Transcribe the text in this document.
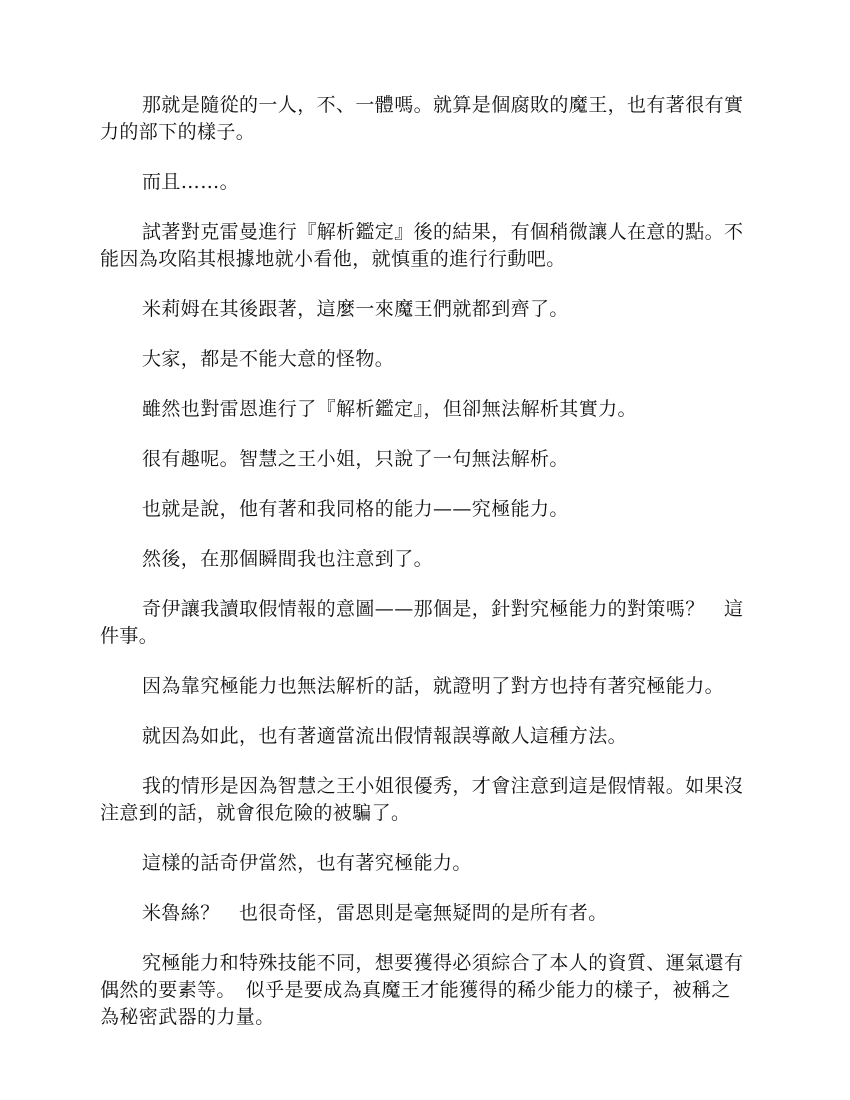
那就是隨從的一人，不、一體嗎。就算是個腐敗的魔王，也有著很有實力的部下的樣子。

而且……。

試著對克雷曼進行『解析鑑定』後的結果，有個稍微讓人在意的點。不能因為攻陷其根據地就小看他，就慎重的進行行動吧。

米莉姆在其後跟著，這麼一來魔王們就都到齊了。

大家，都是不能大意的怪物。

雖然也對雷恩進行了『解析鑑定』，但卻無法解析其實力。

很有趣呢。智慧之王小姐，只說了一句無法解析。

也就是說，他有著和我同格的能力——究極能力。

然後，在那個瞬間我也注意到了。

奇伊讓我讀取假情報的意圖——那個是，針對究極能力的對策嗎？　這件事。

因為靠究極能力也無法解析的話，就證明了對方也持有著究極能力。

就因為如此，也有著適當流出假情報誤導敵人這種方法。

我的情形是因為智慧之王小姐很優秀，才會注意到這是假情報。如果沒注意到的話，就會很危險的被騙了。

這樣的話奇伊當然，也有著究極能力。

米魯絲？　也很奇怪，雷恩則是毫無疑問的是所有者。

究極能力和特殊技能不同，想要獲得必須綜合了本人的資質、運氣還有偶然的要素等。　似乎是要成為真魔王才能獲得的稀少能力的樣子，被稱之為秘密武器的力量。
